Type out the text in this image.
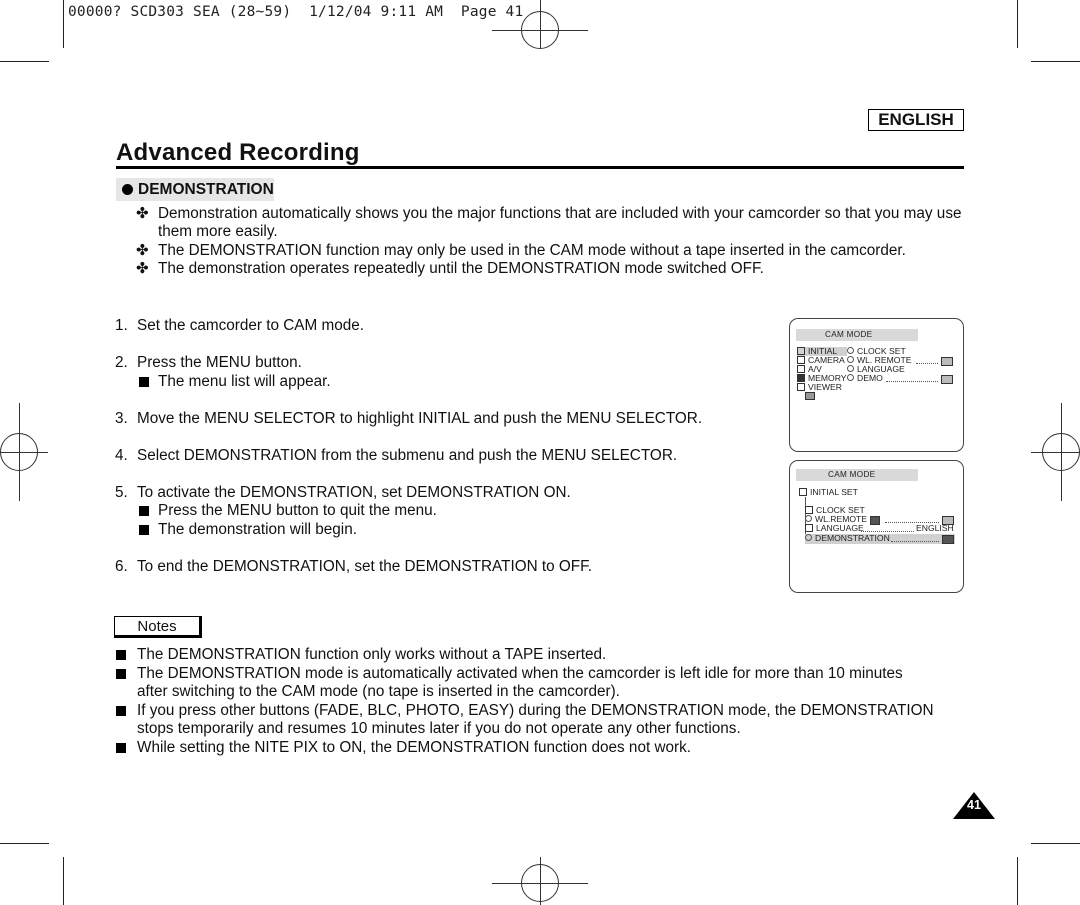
00000? SCD303 SEA (28~59)  1/12/04 9:11 AM  Page 41
ENGLISH
Advanced Recording
DEMONSTRATION
✤ Demonstration automatically shows you the major functions that are included with your camcorder so that you may use them more easily.
✤ The DEMONSTRATION function may only be used in the CAM mode without a tape inserted in the camcorder.
✤ The demonstration operates repeatedly until the DEMONSTRATION mode switched OFF.
1. Set the camcorder to CAM mode.
2. Press the MENU button.
The menu list will appear.
3. Move the MENU SELECTOR to highlight INITIAL and push the MENU SELECTOR.
4. Select DEMONSTRATION from the submenu and push the MENU SELECTOR.
5. To activate the DEMONSTRATION, set DEMONSTRATION ON.
Press the MENU button to quit the menu.
The demonstration will begin.
6. To end the DEMONSTRATION, set the DEMONSTRATION to OFF.
CAM MODE
INITIAL
CAMERA
A/V
MEMORY
VIEWER
CLOCK SET
WL. REMOTE
LANGUAGE
DEMO
CAM MODE
INITIAL SET
CLOCK SET
WL.REMOTE
LANGUAGE	ENGLISH
DEMONSTRATION
Notes
The DEMONSTRATION function only works without a TAPE inserted.
The DEMONSTRATION mode is automatically activated when the camcorder is left idle for more than 10 minutes after switching to the CAM mode (no tape is inserted in the camcorder).
If you press other buttons (FADE, BLC, PHOTO, EASY) during the DEMONSTRATION mode, the DEMONSTRATION stops temporarily and resumes 10 minutes later if you do not operate any other functions.
While setting the NITE PIX to ON, the DEMONSTRATION function does not work.
41
